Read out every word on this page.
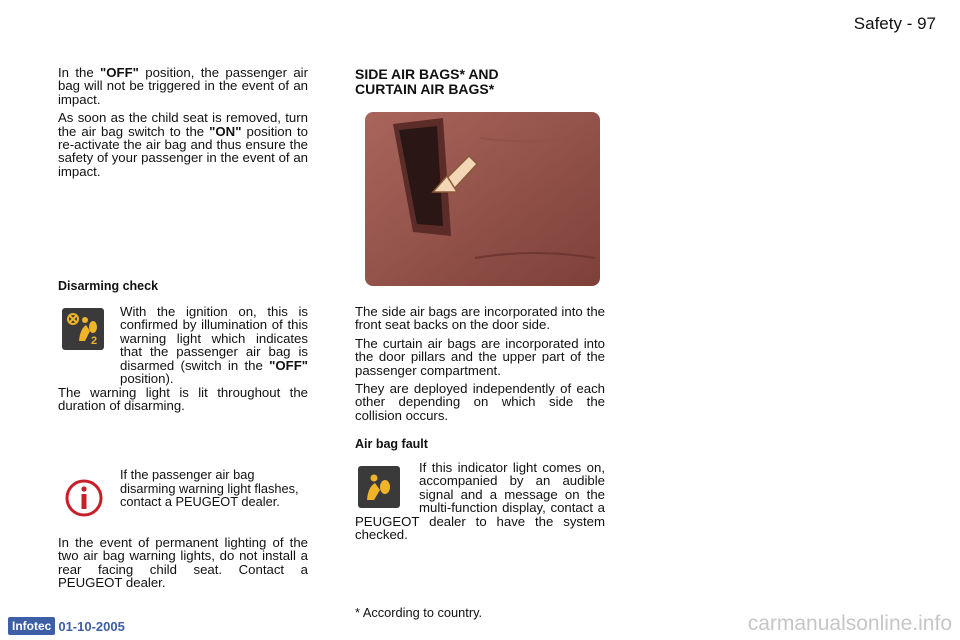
Safety - 97

In the "OFF" position, the passenger air bag will not be triggered in the event of an impact.

As soon as the child seat is removed, turn the air bag switch to the "ON" position to re-activate the air bag and thus ensure the safety of your passenger in the event of an impact.

Disarming check
2
With the ignition on, this is confirmed by illumination of this warning light which indicates that the passenger air bag is disarmed (switch in the "OFF" position).
The warning light is lit throughout the duration of disarming.
If the passenger air bag disarming warning light flashes, contact a PEUGEOT dealer.
In the event of permanent lighting of the two air bag warning lights, do not install a rear facing child seat. Contact a PEUGEOT dealer.
SIDE AIR BAGS* AND
CURTAIN AIR BAGS*

The side air bags are incorporated into the front seat backs on the door side.

The curtain air bags are incorporated into the door pillars and the upper part of the passenger compartment.

They are deployed independently of each other depending on which side the collision occurs.

Air bag fault
If this indicator light comes on, accompanied by an audible signal and a message on the multi-function display, contact a PEUGEOT dealer to have the system checked.
* According to country.
Infotec 01-10-2005	carmanualsonline.info
